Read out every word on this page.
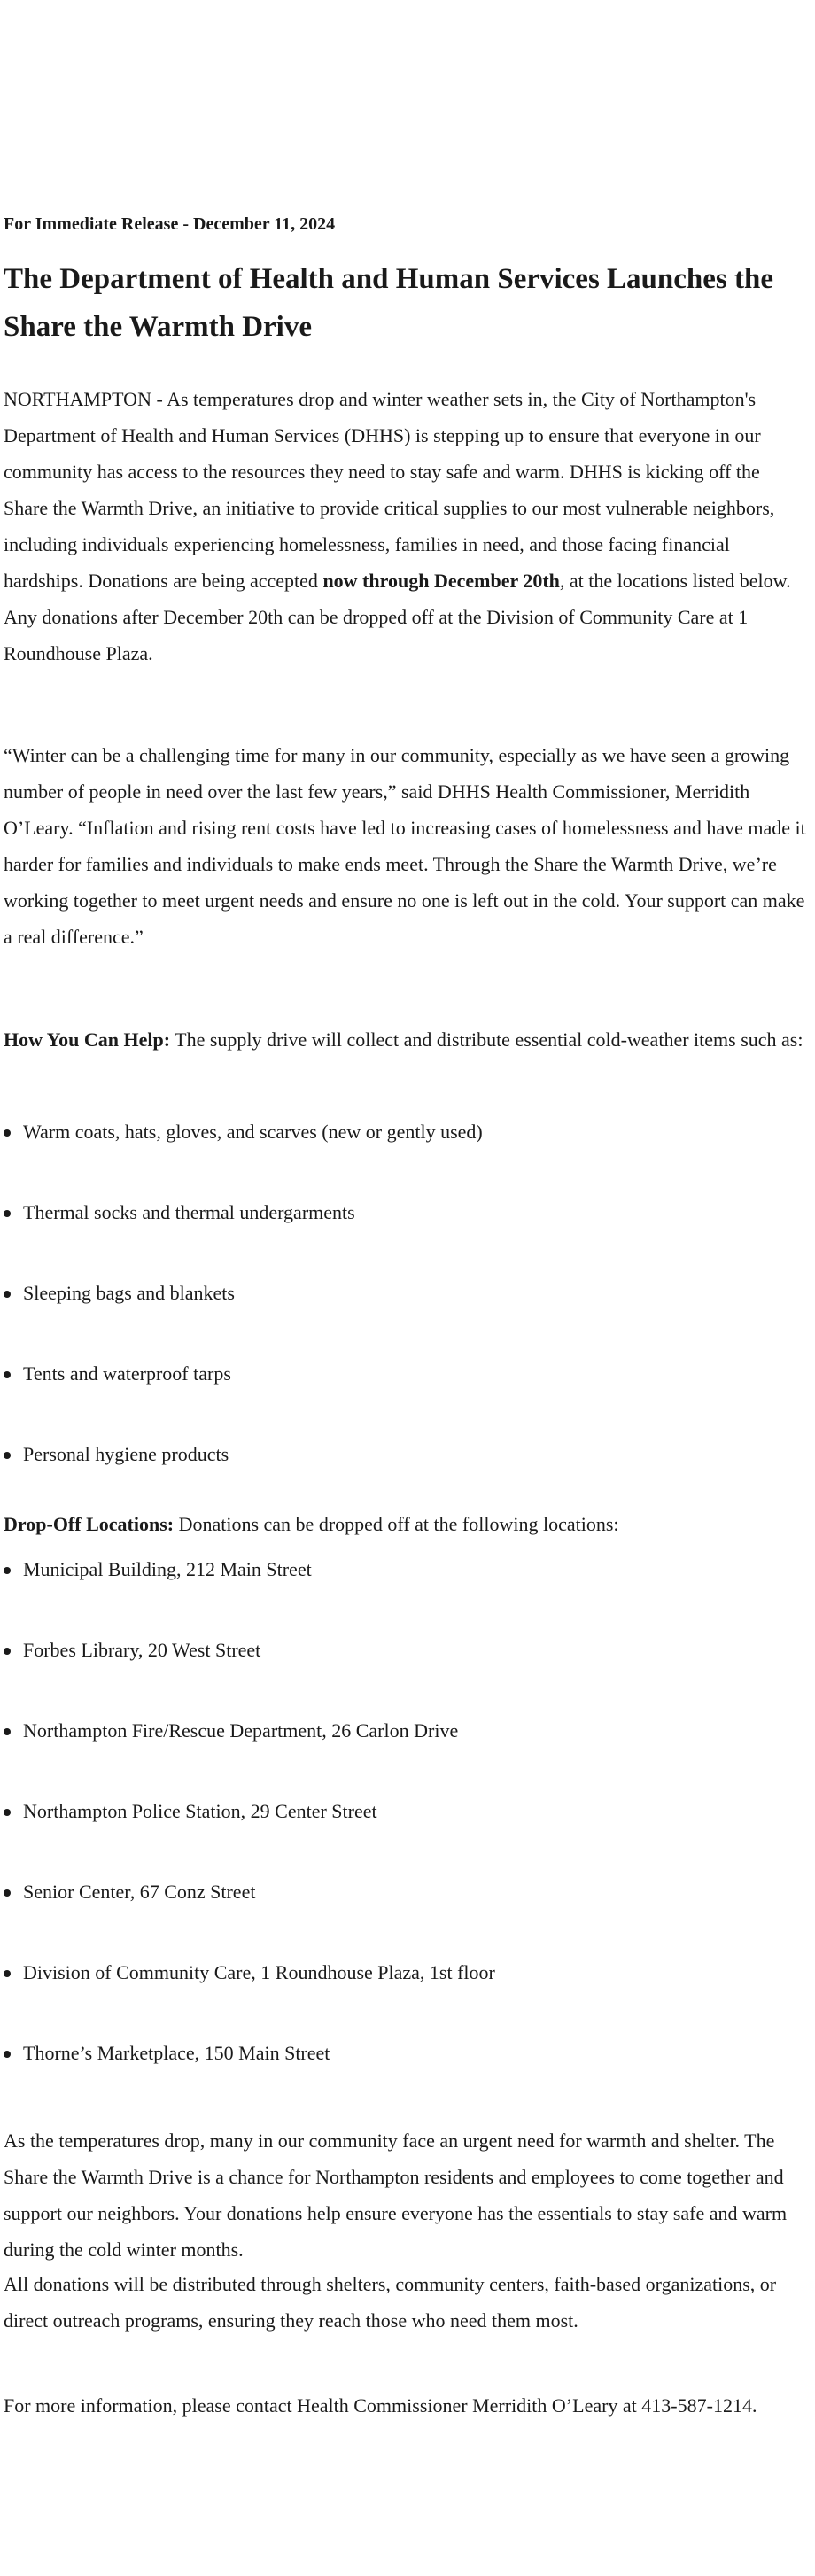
For Immediate Release - December 11, 2024
The Department of Health and Human Services Launches the Share the Warmth Drive

NORTHAMPTON - As temperatures drop and winter weather sets in, the City of Northampton's Department of Health and Human Services (DHHS) is stepping up to ensure that everyone in our community has access to the resources they need to stay safe and warm. DHHS is kicking off the Share the Warmth Drive, an initiative to provide critical supplies to our most vulnerable neighbors, including individuals experiencing homelessness, families in need, and those facing financial hardships. Donations are being accepted now through December 20th, at the locations listed below. Any donations after December 20th can be dropped off at the Division of Community Care at 1 Roundhouse Plaza.

“Winter can be a challenging time for many in our community, especially as we have seen a growing number of people in need over the last few years,” said DHHS Health Commissioner, Merridith O’Leary. “Inflation and rising rent costs have led to increasing cases of homelessness and have made it harder for families and individuals to make ends meet. Through the Share the Warmth Drive, we’re working together to meet urgent needs and ensure no one is left out in the cold. Your support can make a real difference.”

How You Can Help: The supply drive will collect and distribute essential cold-weather items such as:

Warm coats, hats, gloves, and scarves (new or gently used)
Thermal socks and thermal undergarments
Sleeping bags and blankets
Tents and waterproof tarps
Personal hygiene products

Drop-Off Locations: Donations can be dropped off at the following locations:

Municipal Building, 212 Main Street
Forbes Library, 20 West Street
Northampton Fire/Rescue Department, 26 Carlon Drive
Northampton Police Station, 29 Center Street
Senior Center, 67 Conz Street
Division of Community Care, 1 Roundhouse Plaza, 1st floor
Thorne’s Marketplace, 150 Main Street

As the temperatures drop, many in our community face an urgent need for warmth and shelter. The Share the Warmth Drive is a chance for Northampton residents and employees to come together and support our neighbors. Your donations help ensure everyone has the essentials to stay safe and warm during the cold winter months.

All donations will be distributed through shelters, community centers, faith-based organizations, or direct outreach programs, ensuring they reach those who need them most.

For more information, please contact Health Commissioner Merridith O’Leary at 413-587-1214.
